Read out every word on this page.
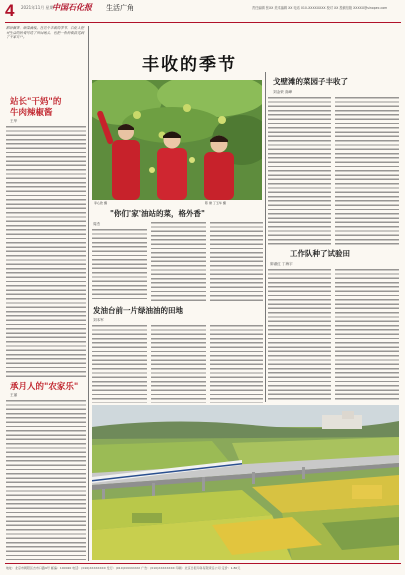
4 2021年11月 星期一
中国石化报 生活广角	责任编辑 张XX 美术编辑 XX 电话 010-XXXXXXXX 校对 XX 投稿信箱 XXXXX@sinopec.com
稻谷飘香，硕果满枝。在这个丰收的季节，石化人把对生活的热爱写进了田间地头，也把一份份收获送到了千家万户。
丰收的季节
站长"干妈"的
牛肉辣椒酱
王华
承月人的"农家乐"
王丽
李心欣 摄	陈 健 丁玉华 摄
戈壁滩的菜园子丰收了
刘金荣 高峰
"你们'家'油站的菜，格外香"
周杰
发油台前一片绿油油的田地
刘本军
工作队种了试验田
廖淑红 丁海宇
地址：北京市朝阳区吉市口路9号 邮编：100020 电话：(010)XXXXXXXX 发行：(010)XXXXXXXX 广告：(010)XXXXXXXX 印刷：北京日报印务有限责任公司 定价：1.80元
